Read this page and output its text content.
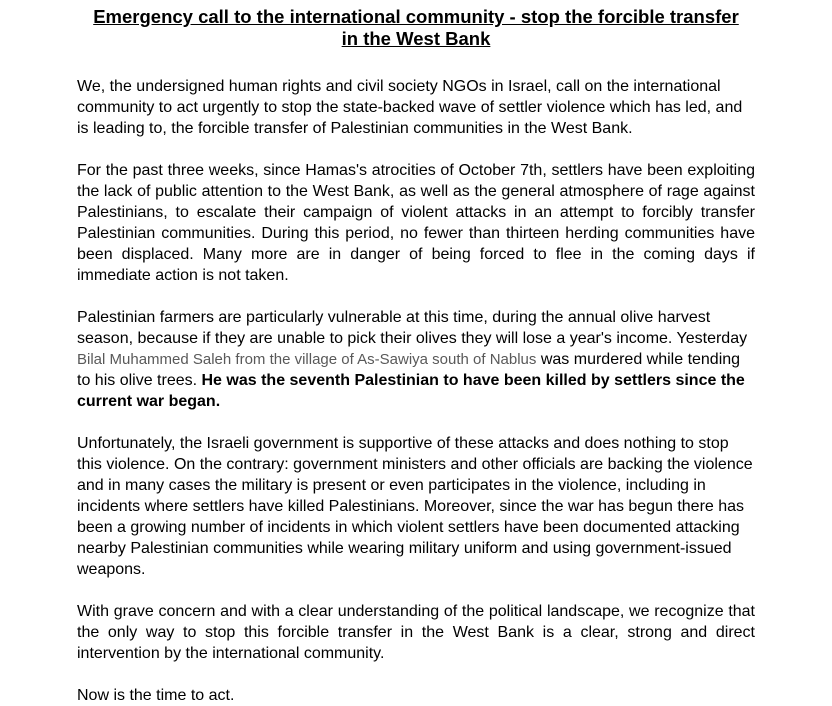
Emergency call to the international community - stop the forcible transfer
in the West Bank

We, the undersigned human rights and civil society NGOs in Israel, call on the international community to act urgently to stop the state-backed wave of settler violence which has led, and is leading to, the forcible transfer of Palestinian communities in the West Bank.

For the past three weeks, since Hamas's atrocities of October 7th, settlers have been exploiting the lack of public attention to the West Bank, as well as the general atmosphere of rage against Palestinians, to escalate their campaign of violent attacks in an attempt to forcibly transfer Palestinian communities. During this period, no fewer than thirteen herding communities have been displaced. Many more are in danger of being forced to flee in the coming days if immediate action is not taken.

Palestinian farmers are particularly vulnerable at this time, during the annual olive harvest season, because if they are unable to pick their olives they will lose a year's income. Yesterday Bilal Muhammed Saleh from the village of As-Sawiya south of Nablus was murdered while tending to his olive trees. He was the seventh Palestinian to have been killed by settlers since the current war began.

Unfortunately, the Israeli government is supportive of these attacks and does nothing to stop this violence. On the contrary: government ministers and other officials are backing the violence and in many cases the military is present or even participates in the violence, including in incidents where settlers have killed Palestinians. Moreover, since the war has begun there has been a growing number of incidents in which violent settlers have been documented attacking nearby Palestinian communities while wearing military uniform and using government-issued weapons.

With grave concern and with a clear understanding of the political landscape, we recognize that the only way to stop this forcible transfer in the West Bank is a clear, strong and direct intervention by the international community.

Now is the time to act.
